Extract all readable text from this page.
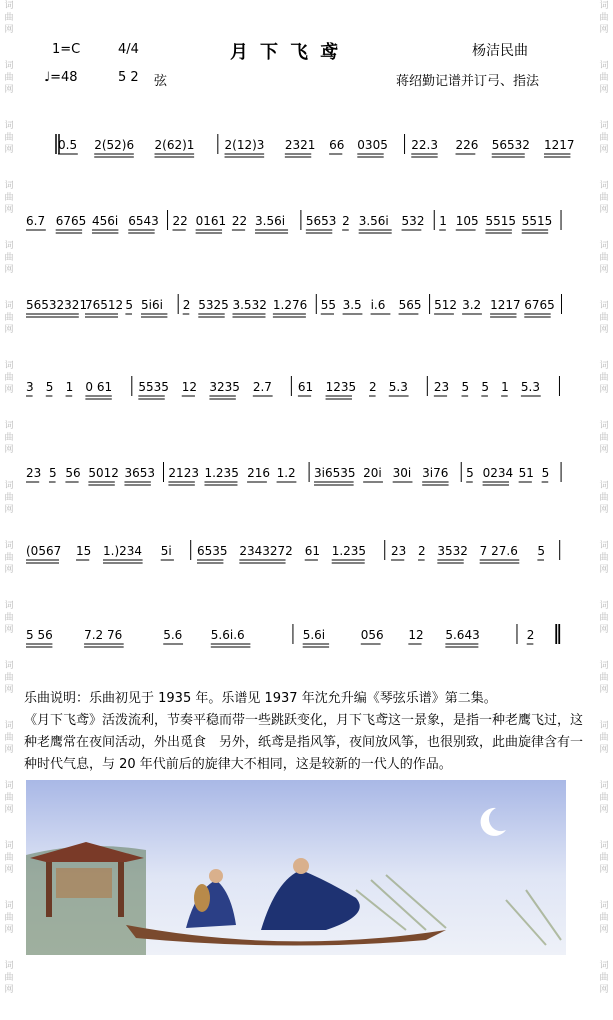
词
曲
网

词
曲
网

词
曲
网

词
曲
网

词
曲
网

词
曲
网

词
曲
网

词
曲
网

词
曲
网

词
曲
网

词
曲
网

词
曲
网

词
曲
网

词
曲
网

词
曲
网

词
曲
网

词
曲
网

词
曲
网

词
曲
网

词
曲
网

词
曲
网

词
曲
网

词
曲
网

词
曲
网

词
曲
网

词
曲
网

词
曲
网

词
曲
网

词
曲
网

词
曲
网

词
曲
网

词
曲
网

词
曲
网

词
曲
网

1=C	4/4	月下飞鸢	杨洁民曲
♩=48	5 2 弦	蒋绍勤记谱并订弓、指法
0.5 2(52)6 2(62)1	2(12)3 2321 66 0305 22.3 226 56532 1217
6.7 6765 456i 6543 22 0161 22 3.56i 5653 2 3.56i 532 1 105 5515 5515
56532321
76512 5 5i6i 2 5325 3.532 1.276 55 3.5 i.6 565 512 3.2 1217 6765
3 5 1 0 61 5535 12 3235 2.7 61 1235 2 5.3 23 5 5 1 5.3
23 5 56 5012 3653 2123 1.235 216 1.2 3i6535 20i 30i 3i76 5 0234 51 5
(0567 15 1.)234 5i 6535 2343272 61 1.235 23 2 3532 7 27.6 5
5 56	7.2 76	5.6 5.6i.6	5.6i	056 12 5.643	2

乐曲说明：乐曲初见于 1935 年。乐谱见 1937 年沈允升编《琴弦乐谱》第二集。

《月下飞鸢》活泼流利，节奏平稳而带一些跳跃变化，月下飞鸢这一景象，是指一种老鹰飞过，这种老鹰常在夜间活动，外出觅食　另外，纸鸢是指风筝，夜间放风筝，也很别致，此曲旋律含有一种时代气息，与 20 年代前后的旋律大不相同，这是较新的一代人的作品。
